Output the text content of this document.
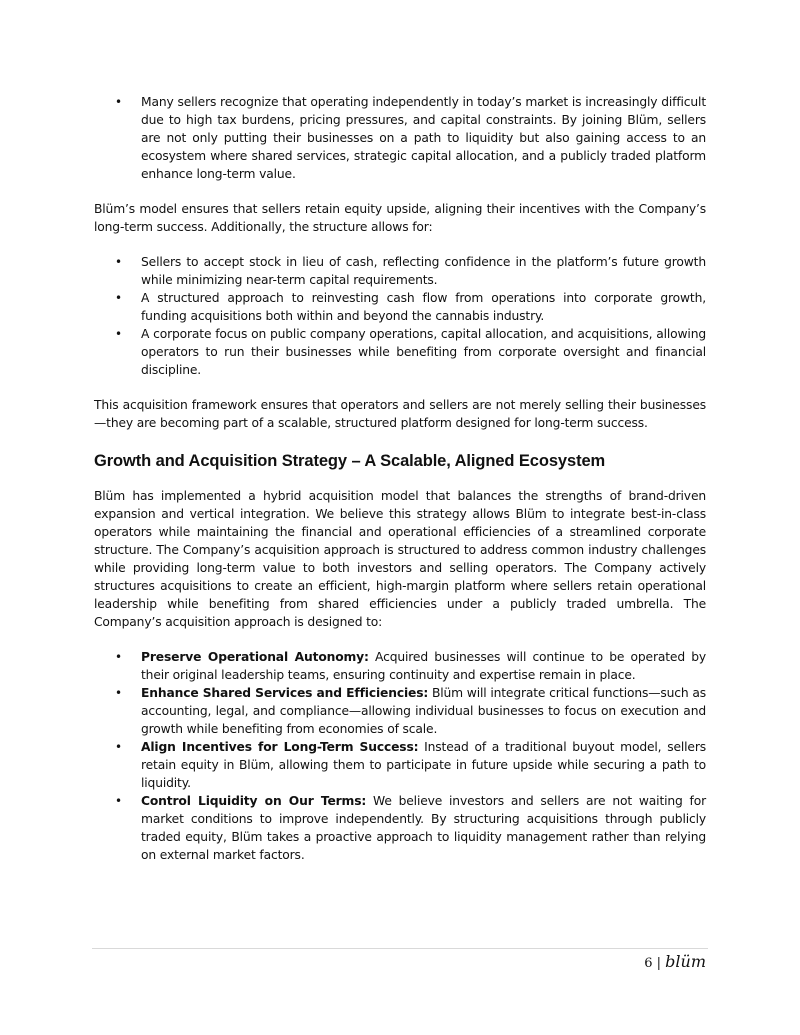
• Many sellers recognize that operating independently in today’s market is increasingly difficult due to high tax burdens, pricing pressures, and capital constraints. By joining Blüm, sellers are not only putting their businesses on a path to liquidity but also gaining access to an ecosystem where shared services, strategic capital allocation, and a publicly traded platform enhance long-term value.

Blüm’s model ensures that sellers retain equity upside, aligning their incentives with the Company’s long-term success. Additionally, the structure allows for:

• Sellers to accept stock in lieu of cash, reflecting confidence in the platform’s future growth while minimizing near-term capital requirements.
• A structured approach to reinvesting cash flow from operations into corporate growth, funding acquisitions both within and beyond the cannabis industry.
• A corporate focus on public company operations, capital allocation, and acquisitions, allowing operators to run their businesses while benefiting from corporate oversight and financial discipline.

This acquisition framework ensures that operators and sellers are not merely selling their businesses—they are becoming part of a scalable, structured platform designed for long-term success.

Growth and Acquisition Strategy – A Scalable, Aligned Ecosystem

Blüm has implemented a hybrid acquisition model that balances the strengths of brand-driven expansion and vertical integration. We believe this strategy allows Blüm to integrate best-in-class operators while maintaining the financial and operational efficiencies of a streamlined corporate structure. The Company’s acquisition approach is structured to address common industry challenges while providing long-term value to both investors and selling operators. The Company actively structures acquisitions to create an efficient, high-margin platform where sellers retain operational leadership while benefiting from shared efficiencies under a publicly traded umbrella. The Company’s acquisition approach is designed to:

• Preserve Operational Autonomy: Acquired businesses will continue to be operated by their original leadership teams, ensuring continuity and expertise remain in place.
• Enhance Shared Services and Efficiencies: Blüm will integrate critical functions—such as accounting, legal, and compliance—allowing individual businesses to focus on execution and growth while benefiting from economies of scale.
• Align Incentives for Long-Term Success: Instead of a traditional buyout model, sellers retain equity in Blüm, allowing them to participate in future upside while securing a path to liquidity.
• Control Liquidity on Our Terms: We believe investors and sellers are not waiting for market conditions to improve independently. By structuring acquisitions through publicly traded equity, Blüm takes a proactive approach to liquidity management rather than relying on external market factors.
6 | blüm
